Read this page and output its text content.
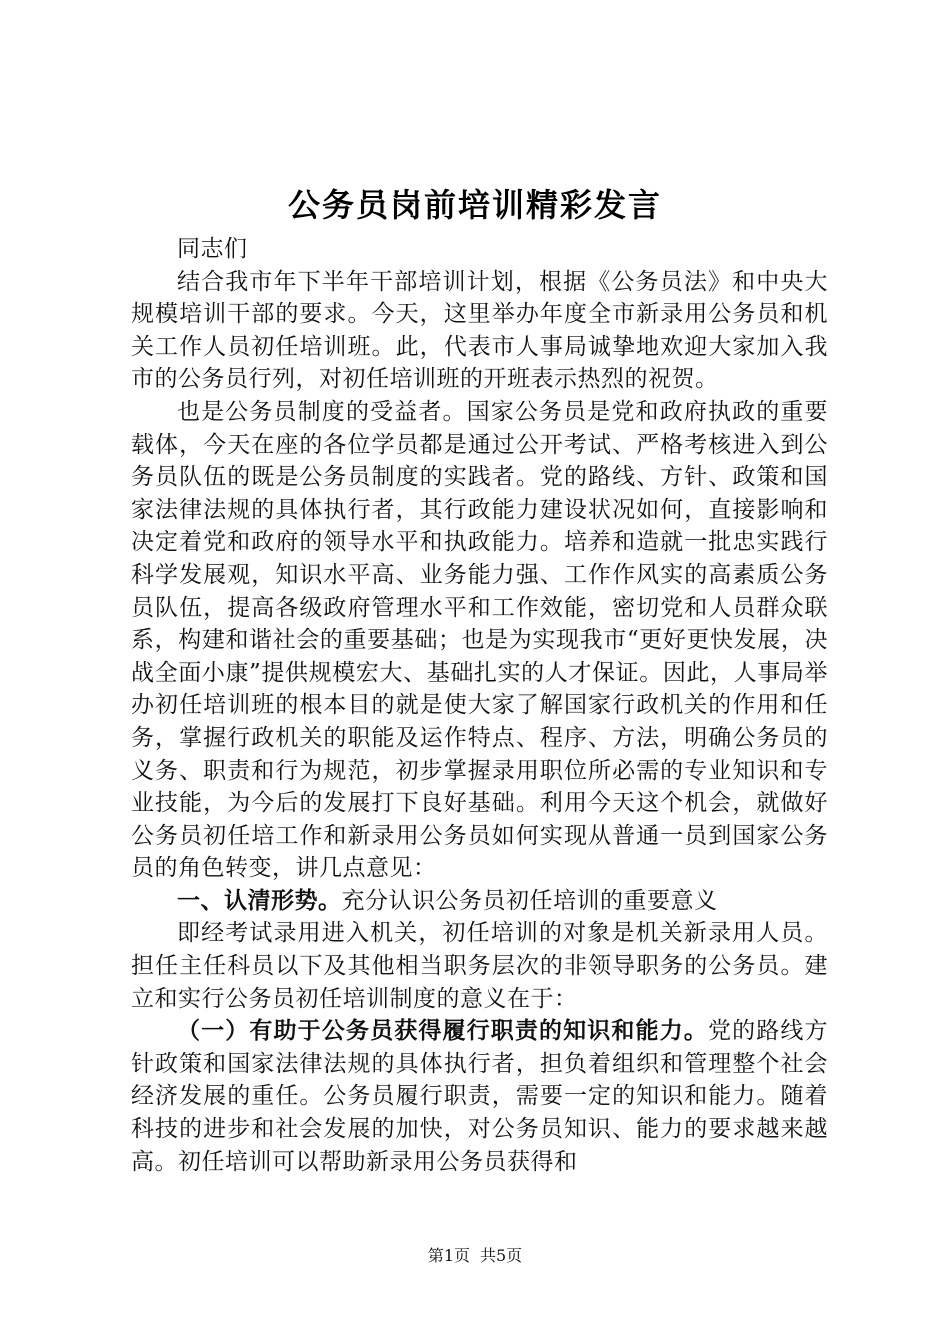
公务员岗前培训精彩发言

同志们

结合我市年下半年干部培训计划，根据《公务员法》和中央大规模培训干部的要求。今天，这里举办年度全市新录用公务员和机关工作人员初任培训班。此，代表市人事局诚挚地欢迎大家加入我市的公务员行列，对初任培训班的开班表示热烈的祝贺。

也是公务员制度的受益者。国家公务员是党和政府执政的重要载体，今天在座的各位学员都是通过公开考试、严格考核进入到公务员队伍的既是公务员制度的实践者。党的路线、方针、政策和国家法律法规的具体执行者，其行政能力建设状况如何，直接影响和决定着党和政府的领导水平和执政能力。培养和造就一批忠实践行科学发展观，知识水平高、业务能力强、工作作风实的高素质公务员队伍，提高各级政府管理水平和工作效能，密切党和人员群众联系，构建和谐社会的重要基础；也是为实现我市“更好更快发展，决战全面小康”提供规模宏大、基础扎实的人才保证。因此，人事局举办初任培训班的根本目的就是使大家了解国家行政机关的作用和任务，掌握行政机关的职能及运作特点、程序、方法，明确公务员的义务、职责和行为规范，初步掌握录用职位所必需的专业知识和专业技能，为今后的发展打下良好基础。利用今天这个机会，就做好公务员初任培工作和新录用公务员如何实现从普通一员到国家公务员的角色转变，讲几点意见：

一、认清形势。充分认识公务员初任培训的重要意义

即经考试录用进入机关，初任培训的对象是机关新录用人员。担任主任科员以下及其他相当职务层次的非领导职务的公务员。建立和实行公务员初任培训制度的意义在于：

（一）有助于公务员获得履行职责的知识和能力。党的路线方针政策和国家法律法规的具体执行者，担负着组织和管理整个社会经济发展的重任。公务员履行职责，需要一定的知识和能力。随着科技的进步和社会发展的加快，对公务员知识、能力的要求越来越高。初任培训可以帮助新录用公务员获得和

第1页 共5页
